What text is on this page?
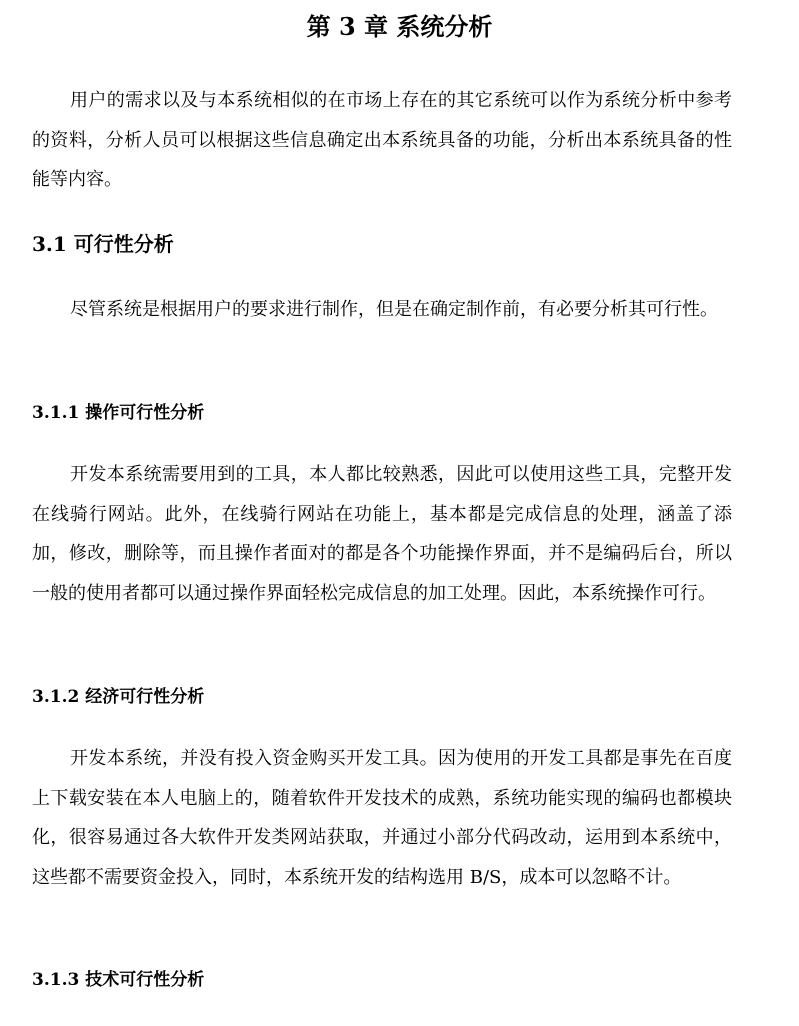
第 3 章 系统分析

用户的需求以及与本系统相似的在市场上存在的其它系统可以作为系统分析中参考的资料，分析人员可以根据这些信息确定出本系统具备的功能，分析出本系统具备的性能等内容。

3.1 可行性分析

尽管系统是根据用户的要求进行制作，但是在确定制作前，有必要分析其可行性。

3.1.1 操作可行性分析

开发本系统需要用到的工具，本人都比较熟悉，因此可以使用这些工具，完整开发在线骑行网站。此外，在线骑行网站在功能上，基本都是完成信息的处理，涵盖了添加，修改，删除等，而且操作者面对的都是各个功能操作界面，并不是编码后台，所以一般的使用者都可以通过操作界面轻松完成信息的加工处理。因此，本系统操作可行。

3.1.2 经济可行性分析

开发本系统，并没有投入资金购买开发工具。因为使用的开发工具都是事先在百度上下载安装在本人电脑上的，随着软件开发技术的成熟，系统功能实现的编码也都模块化，很容易通过各大软件开发类网站获取，并通过小部分代码改动，运用到本系统中，这些都不需要资金投入，同时，本系统开发的结构选用 B/S，成本可以忽略不计。

3.1.3 技术可行性分析
